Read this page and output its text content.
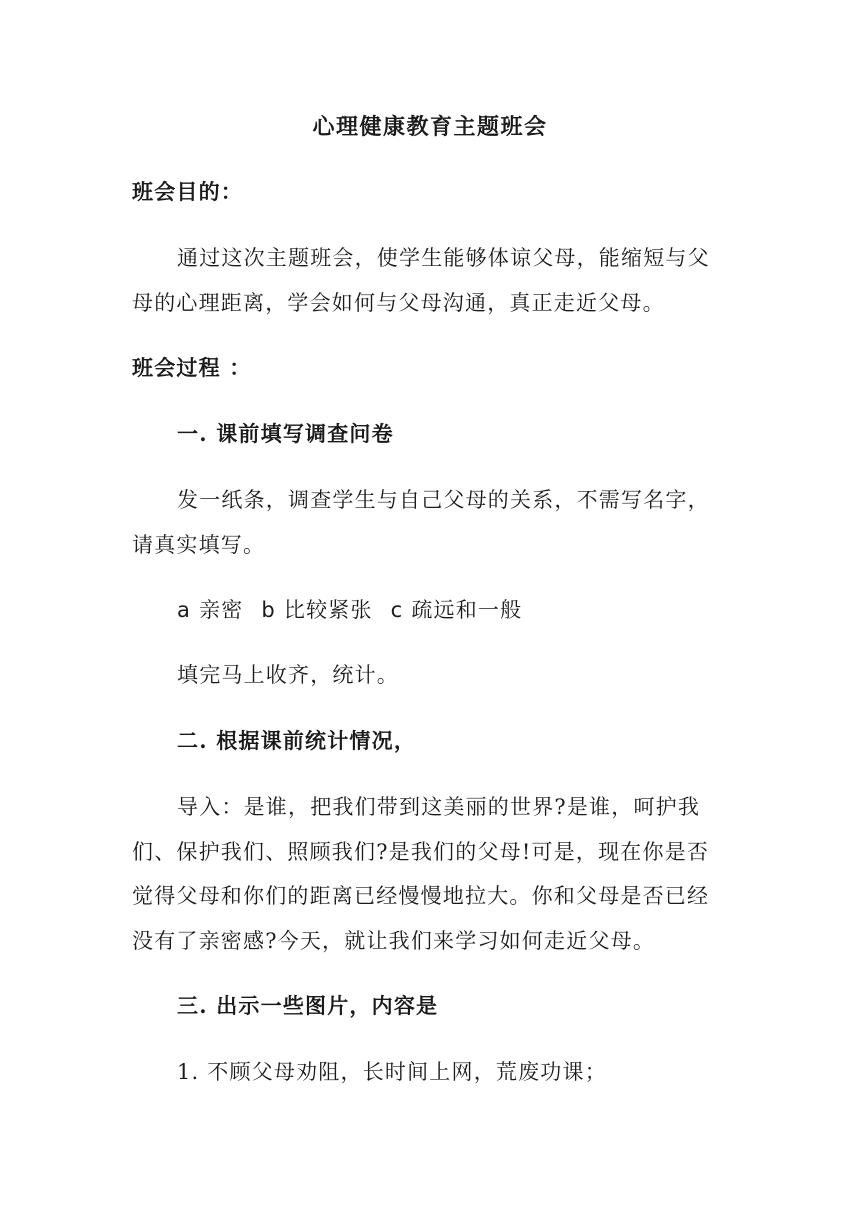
心理健康教育主题班会
班会目的：
通过这次主题班会，使学生能够体谅父母，能缩短与父
母的心理距离，学会如何与父母沟通，真正走近父母。
班会过程 ：
一. 课前填写调查问卷
发一纸条，调查学生与自己父母的关系，不需写名字，
请真实填写。
a 亲密 b 比较紧张 c 疏远和一般
填完马上收齐，统计。
二. 根据课前统计情况，
导入：是谁，把我们带到这美丽的世界?是谁，呵护我
们、保护我们、照顾我们?是我们的父母!可是，现在你是否
觉得父母和你们的距离已经慢慢地拉大。你和父母是否已经
没有了亲密感?今天，就让我们来学习如何走近父母。
三. 出示一些图片，内容是
1. 不顾父母劝阻，长时间上网，荒废功课；
